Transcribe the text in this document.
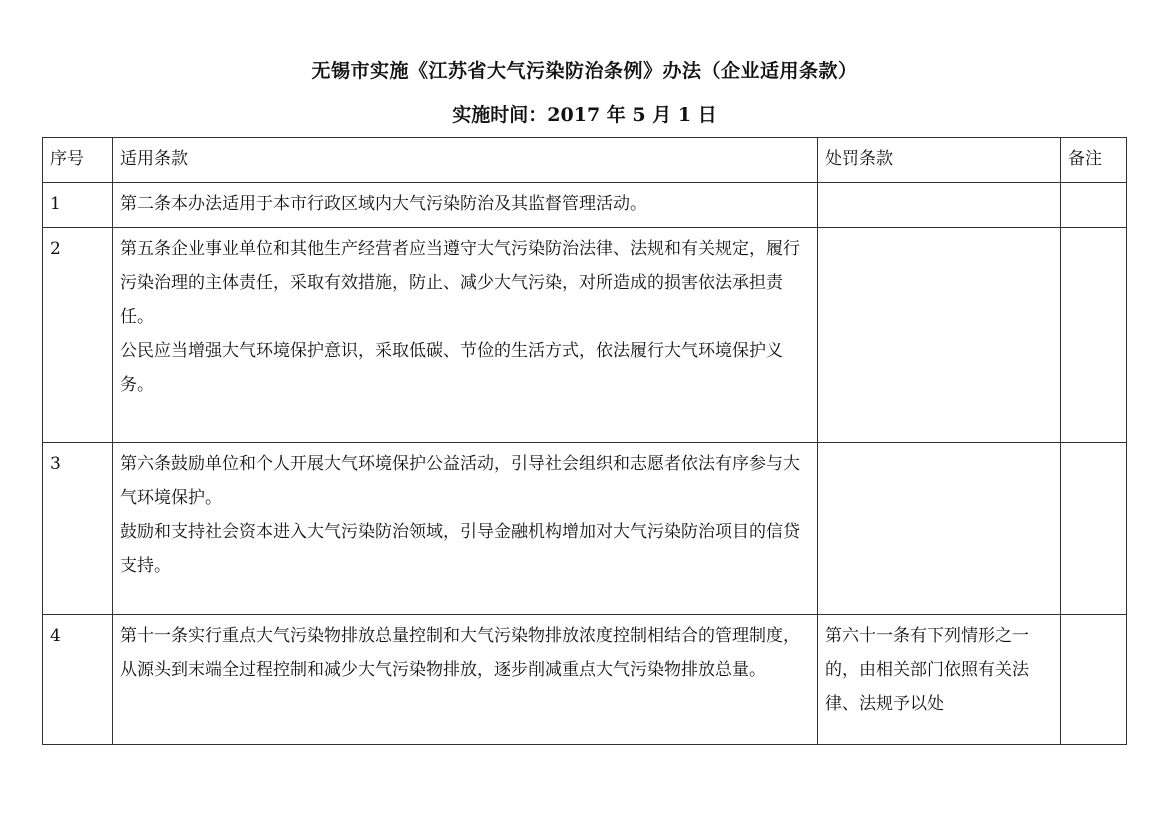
无锡市实施《江苏省大气污染防治条例》办法（企业适用条款）
实施时间：2017 年 5 月 1 日
序号	适用条款	处罚条款	备注
1	第二条本办法适用于本市行政区域内大气污染防治及其监督管理活动。		

2	第五条企业事业单位和其他生产经营者应当遵守大气污染防治法律、法规和有关规定，履行污染治理的主体责任，采取有效措施，防止、减少大气污染，对所造成的损害依法承担责任。
公民应当增强大气环境保护意识，采取低碳、节俭的生活方式，依法履行大气环境保护义务。		

3	第六条鼓励单位和个人开展大气环境保护公益活动，引导社会组织和志愿者依法有序参与大气环境保护。
鼓励和支持社会资本进入大气污染防治领域，引导金融机构增加对大气污染防治项目的信贷支持。		

4	第十一条实行重点大气污染物排放总量控制和大气污染物排放浓度控制相结合的管理制度，从源头到末端全过程控制和减少大气污染物排放，逐步削减重点大气污染物排放总量。	第六十一条有下列情形之一的，由相关部门依照有关法律、法规予以处	
